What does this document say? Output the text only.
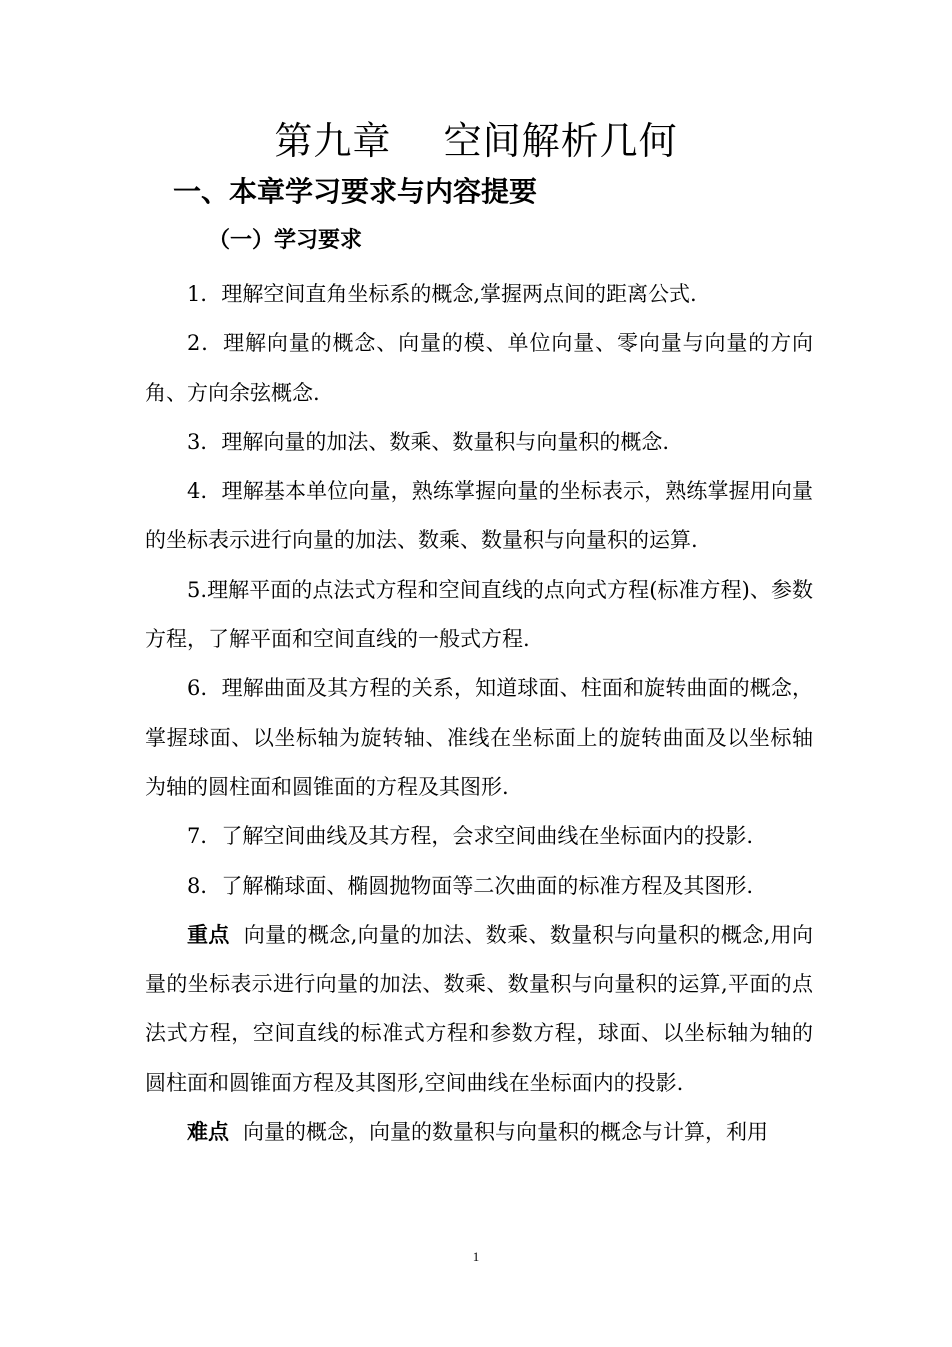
第九章    空间解析几何
一、本章学习要求与内容提要
（一）学习要求

1．理解空间直角坐标系的概念,掌握两点间的距离公式.

2．理解向量的概念、向量的模、单位向量、零向量与向量的方向角、方向余弦概念.

3．理解向量的加法、数乘、数量积与向量积的概念.

4．理解基本单位向量，熟练掌握向量的坐标表示，熟练掌握用向量的坐标表示进行向量的加法、数乘、数量积与向量积的运算.

5.理解平面的点法式方程和空间直线的点向式方程(标准方程)、参数方程，了解平面和空间直线的一般式方程.

6．理解曲面及其方程的关系，知道球面、柱面和旋转曲面的概念，掌握球面、以坐标轴为旋转轴、准线在坐标面上的旋转曲面及以坐标轴为轴的圆柱面和圆锥面的方程及其图形.

7．了解空间曲线及其方程，会求空间曲线在坐标面内的投影.

8．了解椭球面、椭圆抛物面等二次曲面的标准方程及其图形.

重点 向量的概念,向量的加法、数乘、数量积与向量积的概念,用向量的坐标表示进行向量的加法、数乘、数量积与向量积的运算,平面的点法式方程，空间直线的标准式方程和参数方程，球面、以坐标轴为轴的圆柱面和圆锥面方程及其图形,空间曲线在坐标面内的投影.

难点 向量的概念，向量的数量积与向量积的概念与计算，利用

1
